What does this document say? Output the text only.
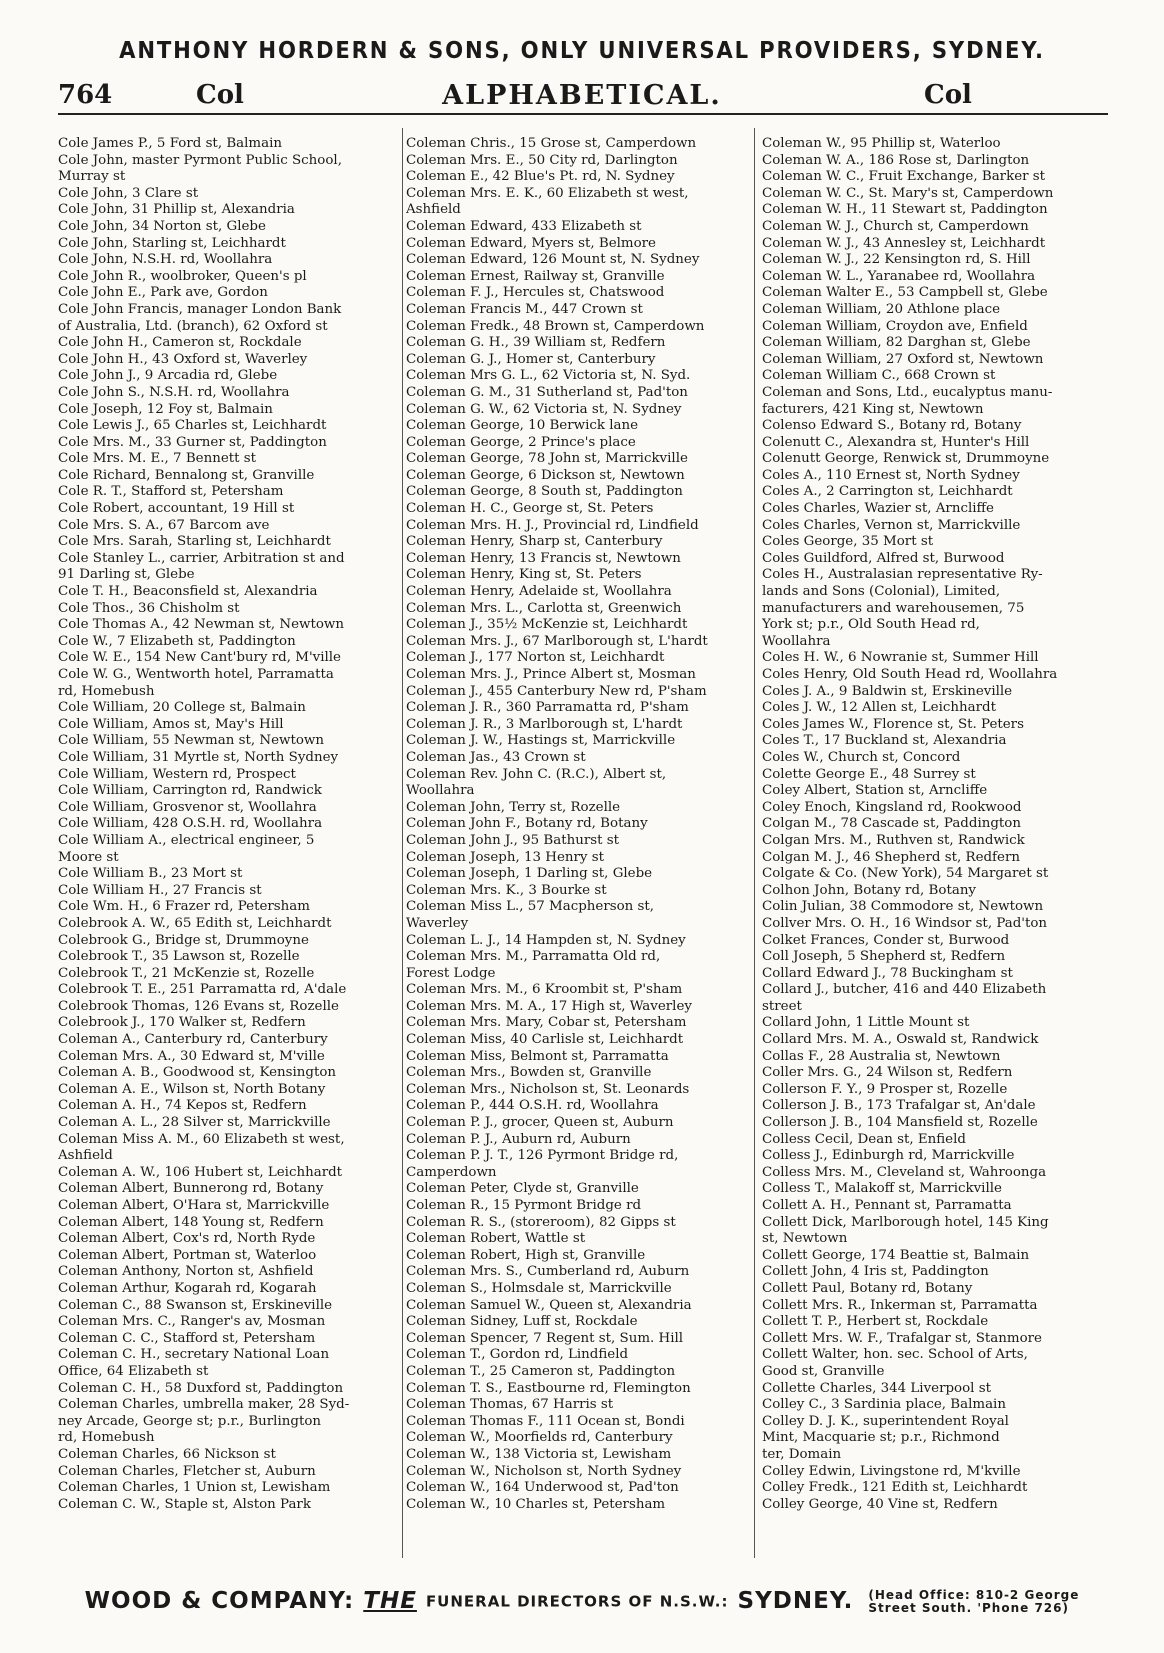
ANTHONY HORDERN & SONS, ONLY UNIVERSAL PROVIDERS, SYDNEY.
ALPHABETICAL.
764	Col	Col
Cole James P., 5 Ford st, Balmain
Cole John, master Pyrmont Public School,
Murray st
Cole John, 3 Clare st
Cole John, 31 Phillip st, Alexandria
Cole John, 34 Norton st, Glebe
Cole John, Starling st, Leichhardt
Cole John, N.S.H. rd, Woollahra
Cole John R., woolbroker, Queen's pl
Cole John E., Park ave, Gordon
Cole John Francis, manager London Bank
of Australia, Ltd. (branch), 62 Oxford st
Cole John H., Cameron st, Rockdale
Cole John H., 43 Oxford st, Waverley
Cole John J., 9 Arcadia rd, Glebe
Cole John S., N.S.H. rd, Woollahra
Cole Joseph, 12 Foy st, Balmain
Cole Lewis J., 65 Charles st, Leichhardt
Cole Mrs. M., 33 Gurner st, Paddington
Cole Mrs. M. E., 7 Bennett st
Cole Richard, Bennalong st, Granville
Cole R. T., Stafford st, Petersham
Cole Robert, accountant, 19 Hill st
Cole Mrs. S. A., 67 Barcom ave
Cole Mrs. Sarah, Starling st, Leichhardt
Cole Stanley L., carrier, Arbitration st and
91 Darling st, Glebe
Cole T. H., Beaconsfield st, Alexandria
Cole Thos., 36 Chisholm st
Cole Thomas A., 42 Newman st, Newtown
Cole W., 7 Elizabeth st, Paddington
Cole W. E., 154 New Cant'bury rd, M'ville
Cole W. G., Wentworth hotel, Parramatta
rd, Homebush
Cole William, 20 College st, Balmain
Cole William, Amos st, May's Hill
Cole William, 55 Newman st, Newtown
Cole William, 31 Myrtle st, North Sydney
Cole William, Western rd, Prospect
Cole William, Carrington rd, Randwick
Cole William, Grosvenor st, Woollahra
Cole William, 428 O.S.H. rd, Woollahra
Cole William A., electrical engineer, 5
Moore st
Cole William B., 23 Mort st
Cole William H., 27 Francis st
Cole Wm. H., 6 Frazer rd, Petersham
Colebrook A. W., 65 Edith st, Leichhardt
Colebrook G., Bridge st, Drummoyne
Colebrook T., 35 Lawson st, Rozelle
Colebrook T., 21 McKenzie st, Rozelle
Colebrook T. E., 251 Parramatta rd, A'dale
Colebrook Thomas, 126 Evans st, Rozelle
Colebrook J., 170 Walker st, Redfern
Coleman A., Canterbury rd, Canterbury
Coleman Mrs. A., 30 Edward st, M'ville
Coleman A. B., Goodwood st, Kensington
Coleman A. E., Wilson st, North Botany
Coleman A. H., 74 Kepos st, Redfern
Coleman A. L., 28 Silver st, Marrickville
Coleman Miss A. M., 60 Elizabeth st west,
Ashfield
Coleman A. W., 106 Hubert st, Leichhardt
Coleman Albert, Bunnerong rd, Botany
Coleman Albert, O'Hara st, Marrickville
Coleman Albert, 148 Young st, Redfern
Coleman Albert, Cox's rd, North Ryde
Coleman Albert, Portman st, Waterloo
Coleman Anthony, Norton st, Ashfield
Coleman Arthur, Kogarah rd, Kogarah
Coleman C., 88 Swanson st, Erskineville
Coleman Mrs. C., Ranger's av, Mosman
Coleman C. C., Stafford st, Petersham
Coleman C. H., secretary National Loan
Office, 64 Elizabeth st
Coleman C. H., 58 Duxford st, Paddington
Coleman Charles, umbrella maker, 28 Syd-
ney Arcade, George st; p.r., Burlington
rd, Homebush
Coleman Charles, 66 Nickson st
Coleman Charles, Fletcher st, Auburn
Coleman Charles, 1 Union st, Lewisham
Coleman C. W., Staple st, Alston Park
Coleman Chris., 15 Grose st, Camperdown
Coleman Mrs. E., 50 City rd, Darlington
Coleman E., 42 Blue's Pt. rd, N. Sydney
Coleman Mrs. E. K., 60 Elizabeth st west,
Ashfield
Coleman Edward, 433 Elizabeth st
Coleman Edward, Myers st, Belmore
Coleman Edward, 126 Mount st, N. Sydney
Coleman Ernest, Railway st, Granville
Coleman F. J., Hercules st, Chatswood
Coleman Francis M., 447 Crown st
Coleman Fredk., 48 Brown st, Camperdown
Coleman G. H., 39 William st, Redfern
Coleman G. J., Homer st, Canterbury
Coleman Mrs G. L., 62 Victoria st, N. Syd.
Coleman G. M., 31 Sutherland st, Pad'ton
Coleman G. W., 62 Victoria st, N. Sydney
Coleman George, 10 Berwick lane
Coleman George, 2 Prince's place
Coleman George, 78 John st, Marrickville
Coleman George, 6 Dickson st, Newtown
Coleman George, 8 South st, Paddington
Coleman H. C., George st, St. Peters
Coleman Mrs. H. J., Provincial rd, Lindfield
Coleman Henry, Sharp st, Canterbury
Coleman Henry, 13 Francis st, Newtown
Coleman Henry, King st, St. Peters
Coleman Henry, Adelaide st, Woollahra
Coleman Mrs. L., Carlotta st, Greenwich
Coleman J., 35½ McKenzie st, Leichhardt
Coleman Mrs. J., 67 Marlborough st, L'hardt
Coleman J., 177 Norton st, Leichhardt
Coleman Mrs. J., Prince Albert st, Mosman
Coleman J., 455 Canterbury New rd, P'sham
Coleman J. R., 360 Parramatta rd, P'sham
Coleman J. R., 3 Marlborough st, L'hardt
Coleman J. W., Hastings st, Marrickville
Coleman Jas., 43 Crown st
Coleman Rev. John C. (R.C.), Albert st,
Woollahra
Coleman John, Terry st, Rozelle
Coleman John F., Botany rd, Botany
Coleman John J., 95 Bathurst st
Coleman Joseph, 13 Henry st
Coleman Joseph, 1 Darling st, Glebe
Coleman Mrs. K., 3 Bourke st
Coleman Miss L., 57 Macpherson st,
Waverley
Coleman L. J., 14 Hampden st, N. Sydney
Coleman Mrs. M., Parramatta Old rd,
Forest Lodge
Coleman Mrs. M., 6 Kroombit st, P'sham
Coleman Mrs. M. A., 17 High st, Waverley
Coleman Mrs. Mary, Cobar st, Petersham
Coleman Miss, 40 Carlisle st, Leichhardt
Coleman Miss, Belmont st, Parramatta
Coleman Mrs., Bowden st, Granville
Coleman Mrs., Nicholson st, St. Leonards
Coleman P., 444 O.S.H. rd, Woollahra
Coleman P. J., grocer, Queen st, Auburn
Coleman P. J., Auburn rd, Auburn
Coleman P. J. T., 126 Pyrmont Bridge rd,
Camperdown
Coleman Peter, Clyde st, Granville
Coleman R., 15 Pyrmont Bridge rd
Coleman R. S., (storeroom), 82 Gipps st
Coleman Robert, Wattle st
Coleman Robert, High st, Granville
Coleman Mrs. S., Cumberland rd, Auburn
Coleman S., Holmsdale st, Marrickville
Coleman Samuel W., Queen st, Alexandria
Coleman Sidney, Luff st, Rockdale
Coleman Spencer, 7 Regent st, Sum. Hill
Coleman T., Gordon rd, Lindfield
Coleman T., 25 Cameron st, Paddington
Coleman T. S., Eastbourne rd, Flemington
Coleman Thomas, 67 Harris st
Coleman Thomas F., 111 Ocean st, Bondi
Coleman W., Moorfields rd, Canterbury
Coleman W., 138 Victoria st, Lewisham
Coleman W., Nicholson st, North Sydney
Coleman W., 164 Underwood st, Pad'ton
Coleman W., 10 Charles st, Petersham
Coleman W., 95 Phillip st, Waterloo
Coleman W. A., 186 Rose st, Darlington
Coleman W. C., Fruit Exchange, Barker st
Coleman W. C., St. Mary's st, Camperdown
Coleman W. H., 11 Stewart st, Paddington
Coleman W. J., Church st, Camperdown
Coleman W. J., 43 Annesley st, Leichhardt
Coleman W. J., 22 Kensington rd, S. Hill
Coleman W. L., Yaranabee rd, Woollahra
Coleman Walter E., 53 Campbell st, Glebe
Coleman William, 20 Athlone place
Coleman William, Croydon ave, Enfield
Coleman William, 82 Darghan st, Glebe
Coleman William, 27 Oxford st, Newtown
Coleman William C., 668 Crown st
Coleman and Sons, Ltd., eucalyptus manu-
facturers, 421 King st, Newtown
Colenso Edward S., Botany rd, Botany
Colenutt C., Alexandra st, Hunter's Hill
Colenutt George, Renwick st, Drummoyne
Coles A., 110 Ernest st, North Sydney
Coles A., 2 Carrington st, Leichhardt
Coles Charles, Wazier st, Arncliffe
Coles Charles, Vernon st, Marrickville
Coles George, 35 Mort st
Coles Guildford, Alfred st, Burwood
Coles H., Australasian representative Ry-
lands and Sons (Colonial), Limited,
manufacturers and warehousemen, 75
York st; p.r., Old South Head rd,
Woollahra
Coles H. W., 6 Nowranie st, Summer Hill
Coles Henry, Old South Head rd, Woollahra
Coles J. A., 9 Baldwin st, Erskineville
Coles J. W., 12 Allen st, Leichhardt
Coles James W., Florence st, St. Peters
Coles T., 17 Buckland st, Alexandria
Coles W., Church st, Concord
Colette George E., 48 Surrey st
Coley Albert, Station st, Arncliffe
Coley Enoch, Kingsland rd, Rookwood
Colgan M., 78 Cascade st, Paddington
Colgan Mrs. M., Ruthven st, Randwick
Colgan M. J., 46 Shepherd st, Redfern
Colgate & Co. (New York), 54 Margaret st
Colhon John, Botany rd, Botany
Colin Julian, 38 Commodore st, Newtown
Collver Mrs. O. H., 16 Windsor st, Pad'ton
Colket Frances, Conder st, Burwood
Coll Joseph, 5 Shepherd st, Redfern
Collard Edward J., 78 Buckingham st
Collard J., butcher, 416 and 440 Elizabeth
street
Collard John, 1 Little Mount st
Collard Mrs. M. A., Oswald st, Randwick
Collas F., 28 Australia st, Newtown
Coller Mrs. G., 24 Wilson st, Redfern
Collerson F. Y., 9 Prosper st, Rozelle
Collerson J. B., 173 Trafalgar st, An'dale
Collerson J. B., 104 Mansfield st, Rozelle
Colless Cecil, Dean st, Enfield
Colless J., Edinburgh rd, Marrickville
Colless Mrs. M., Cleveland st, Wahroonga
Colless T., Malakoff st, Marrickville
Collett A. H., Pennant st, Parramatta
Collett Dick, Marlborough hotel, 145 King
st, Newtown
Collett George, 174 Beattie st, Balmain
Collett John, 4 Iris st, Paddington
Collett Paul, Botany rd, Botany
Collett Mrs. R., Inkerman st, Parramatta
Collett T. P., Herbert st, Rockdale
Collett Mrs. W. F., Trafalgar st, Stanmore
Collett Walter, hon. sec. School of Arts,
Good st, Granville
Collette Charles, 344 Liverpool st
Colley C., 3 Sardinia place, Balmain
Colley D. J. K., superintendent Royal
Mint, Macquarie st; p.r., Richmond
ter, Domain
Colley Edwin, Livingstone rd, M'kville
Colley Fredk., 121 Edith st, Leichhardt
Colley George, 40 Vine st, Redfern
WOOD & COMPANY: THE FUNERAL DIRECTORS OF N.S.W.: SYDNEY. (Head Office: 810-2 George
Street South. 'Phone 726)
